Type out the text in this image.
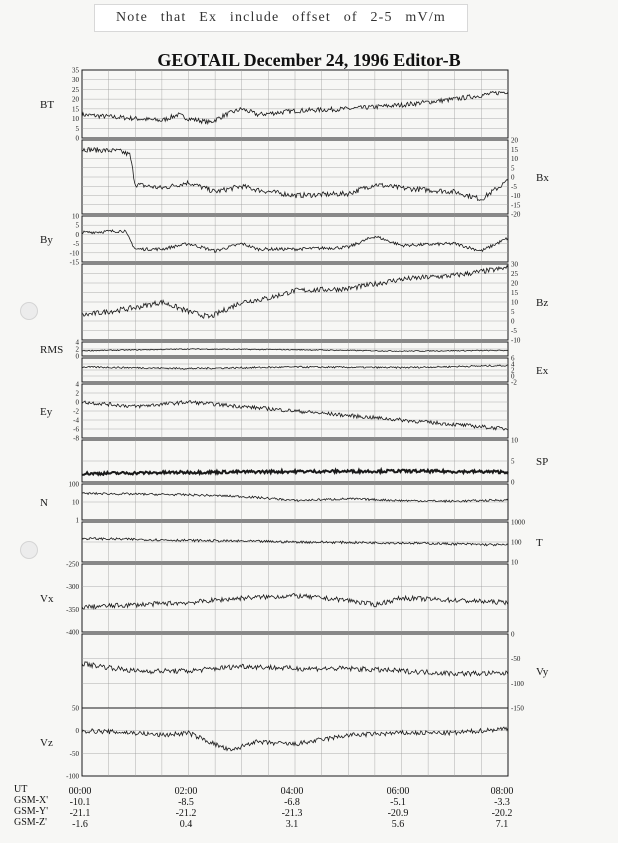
Note that Ex include offset of 2-5 mV/m
GEOTAIL December 24, 1996 Editor-B
35
30
25
20
15
10
5
0
BT
20
15
10
5
0
-5
-10
-15
-20
Bx
10
5
0
-5
-10
-15
By
30
25
20
15
10
5
0
-5
-10
Bz
4
2
0
RMS
6
4
2
0
-2
Ex
4
2
0
-2
-4
-6
-8
Ey
10
5
0
SP
100
10
1
N
1000
100
10
T
-250
-300
-350
-400
Vx
0
-50
-100
-150
Vy
50
0
-50
-100
Vz
UT
GSM-X'
GSM-Y'
GSM-Z'
00:00
-10.1
-21.1
-1.6
02:00
-8.5
-21.2
0.4
04:00
-6.8
-21.3
3.1
06:00
-5.1
-20.9
5.6
08:00
-3.3
-20.2
7.1
